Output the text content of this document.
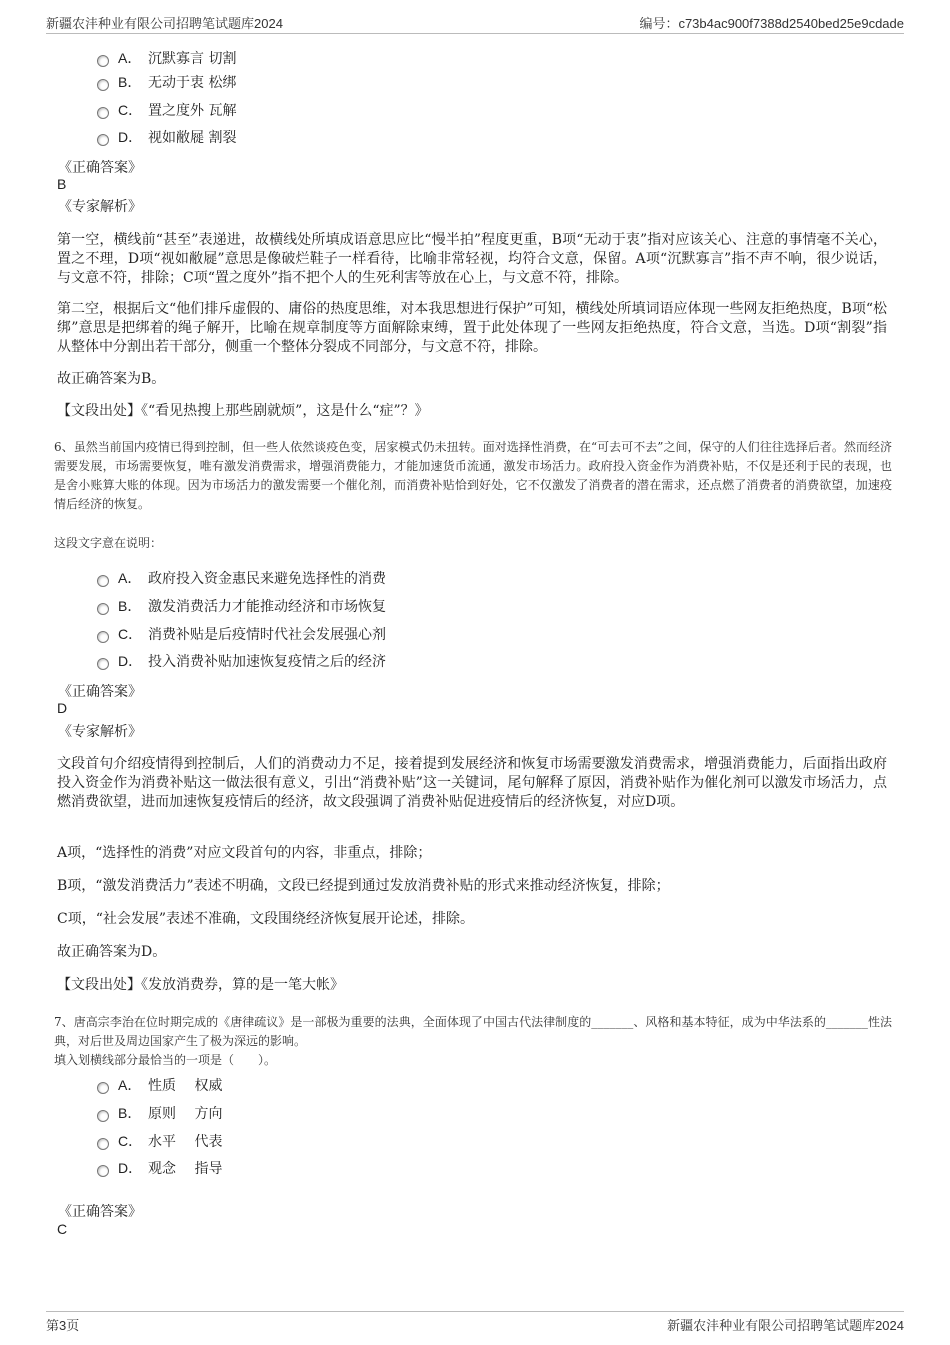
新疆农沣种业有限公司招聘笔试题库2024	编号：c73b4ac900f7388d2540bed25e9cdade
A． 沉默寡言 切割
B． 无动于衷 松绑
C． 置之度外 瓦解
D． 视如敝屣 割裂
《正确答案》
B
《专家解析》
第一空，横线前“甚至”表递进，故横线处所填成语意思应比“慢半拍”程度更重，B项“无动于衷”指对应该关心、注意的事情毫不关心，置之不理，D项“视如敝屣”意思是像破烂鞋子一样看待，比喻非常轻视，均符合文意，保留。A项“沉默寡言”指不声不响，很少说话，与文意不符，排除；C项“置之度外”指不把个人的生死利害等放在心上，与文意不符，排除。
第二空，根据后文“他们排斥虚假的、庸俗的热度思维，对本我思想进行保护”可知，横线处所填词语应体现一些网友拒绝热度，B项“松绑”意思是把绑着的绳子解开，比喻在规章制度等方面解除束缚，置于此处体现了一些网友拒绝热度，符合文意，当选。D项“割裂”指从整体中分割出若干部分，侧重一个整体分裂成不同部分，与文意不符，排除。
故正确答案为B。
【文段出处】《“看见热搜上那些剧就烦”，这是什么“症”？》
6、虽然当前国内疫情已得到控制，但一些人依然谈疫色变，居家模式仍未扭转。面对选择性消费，在“可去可不去”之间，保守的人们往往选择后者。然而经济需要发展，市场需要恢复，唯有激发消费需求，增强消费能力，才能加速货币流通，激发市场活力。政府投入资金作为消费补贴，不仅是还利于民的表现，也是舍小账算大账的体现。因为市场活力的激发需要一个催化剂，而消费补贴恰到好处，它不仅激发了消费者的潜在需求，还点燃了消费者的消费欲望，加速疫情后经济的恢复。
这段文字意在说明：
A． 政府投入资金惠民来避免选择性的消费
B． 激发消费活力才能推动经济和市场恢复
C． 消费补贴是后疫情时代社会发展强心剂
D． 投入消费补贴加速恢复疫情之后的经济
《正确答案》
D
《专家解析》
文段首句介绍疫情得到控制后，人们的消费动力不足，接着提到发展经济和恢复市场需要激发消费需求，增强消费能力，后面指出政府投入资金作为消费补贴这一做法很有意义，引出“消费补贴”这一关键词，尾句解释了原因，消费补贴作为催化剂可以激发市场活力，点燃消费欲望，进而加速恢复疫情后的经济，故文段强调了消费补贴促进疫情后的经济恢复，对应D项。
A项，“选择性的消费”对应文段首句的内容，非重点，排除；
B项，“激发消费活力”表述不明确，文段已经提到通过发放消费补贴的形式来推动经济恢复，排除；
C项，“社会发展”表述不准确，文段围绕经济恢复展开论述，排除。
故正确答案为D。
【文段出处】《发放消费券，算的是一笔大帐》
7、唐高宗李治在位时期完成的《唐律疏议》是一部极为重要的法典，全面体现了中国古代法律制度的_______、风格和基本特征，成为中华法系的_______性法典，对后世及周边国家产生了极为深远的影响。
填入划横线部分最恰当的一项是（　　）。
A． 性质　 权威
B． 原则　 方向
C． 水平　 代表
D． 观念　 指导
《正确答案》
C
第3页	新疆农沣种业有限公司招聘笔试题库2024
